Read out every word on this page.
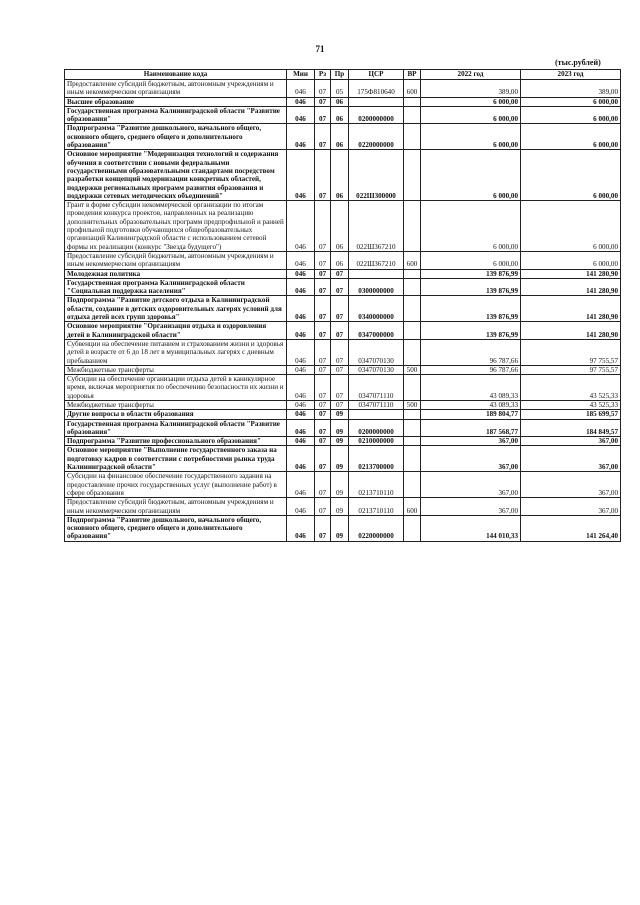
71
(тыс.рублей)
Наименование кода	Мин	Рз	Пр	ЦСР	ВР	2022 год	2023 год
Предоставление субсидий бюджетным, автономным учреждениям и иным некоммерческим организациям	046	07	05	175Ф810640	600	389,00	389,00
Высшее образование	046	07	06			6 000,00	6 000,00
Государственная программа Калининградской области "Развитие образования"	046	07	06	0200000000		6 000,00	6 000,00
Подпрограмма "Развитие дошкольного, начального общего, основного общего, среднего общего и дополнительного образования"	046	07	06	0220000000		6 000,00	6 000,00
Основное мероприятие "Модернизация технологий и содержания обучения в соответствии с новыми федеральными государственными образовательными стандартами посредством разработки концепций модернизации конкретных областей, поддержки региональных программ развития образования и поддержки сетевых методических объединений"	046	07	06	022Ш300000		6 000,00	6 000,00
Грант в форме субсидии некоммерческой организации по итогам проведения конкурса проектов, направленных на реализацию дополнительных образовательных программ предпрофильной и ранней профильной подготовки обучающихся общеобразовательных организаций Калининградской области с использованием сетевой формы их реализации (конкурс "Звезда будущего")	046	07	06	022Ш367210		6 000,00	6 000,00
Предоставление субсидий бюджетным, автономным учреждениям и иным некоммерческим организациям	046	07	06	022Ш367210	600	6 000,00	6 000,00
Молодежная политика	046	07	07			139 876,99	141 280,90
Государственная программа Калининградской области "Социальная поддержка населения"	046	07	07	0300000000		139 876,99	141 280,90
Подпрограмма "Развитие детского отдыха в Калининградской области, создание в детских оздоровительных лагерях условий для отдыха детей всех групп здоровья"	046	07	07	0340000000		139 876,99	141 280,90
Основное мероприятие "Организация отдыха и оздоровления детей в Калининградской области"	046	07	07	0347000000		139 876,99	141 280,90
Субвенции на обеспечение питанием и страхованием жизни и здоровья детей в возрасте от 6 до 18 лет в муниципальных лагерях с дневным пребыванием	046	07	07	0347070130		96 787,66	97 755,57
Межбюджетные трансферты	046	07	07	0347070130	500	96 787,66	97 755,57
Субсидии на обеспечение организации отдыха детей в каникулярное время, включая мероприятия по обеспечению безопасности их жизни и здоровья	046	07	07	0347071110		43 089,33	43 525,33
Межбюджетные трансферты	046	07	07	0347071110	500	43 089,33	43 525,33
Другие вопросы в области образования	046	07	09			189 804,77	185 699,57
Государственная программа Калининградской области "Развитие образования"	046	07	09	0200000000		187 568,77	184 849,57
Подпрограмма "Развитие профессионального образования"	046	07	09	0210000000		367,00	367,00
Основное мероприятие "Выполнение государственного заказа на подготовку кадров в соответствии с потребностями рынка труда Калининградской области"	046	07	09	0213700000		367,00	367,00
Субсидии на финансовое обеспечение государственного задания на предоставление прочих государственных услуг (выполнение работ) в сфере образования	046	07	09	0213710110		367,00	367,00
Предоставление субсидий бюджетным, автономным учреждениям и иным некоммерческим организациям	046	07	09	0213710110	600	367,00	367,00
Подпрограмма "Развитие дошкольного, начального общего, основного общего, среднего общего и дополнительного образования"	046	07	09	0220000000		144 010,33	141 264,40
